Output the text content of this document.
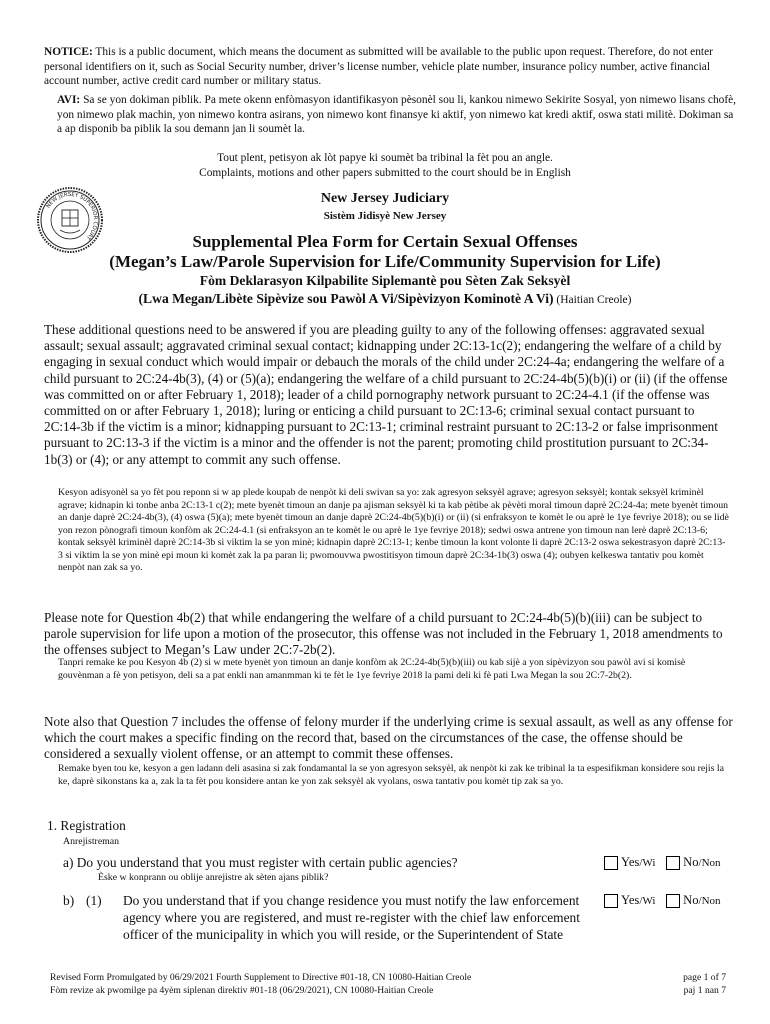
NOTICE: This is a public document, which means the document as submitted will be available to the public upon request. Therefore, do not enter personal identifiers on it, such as Social Security number, driver’s license number, vehicle plate number, insurance policy number, active financial account number, active credit card number or military status.
AVI: Sa se yon dokiman piblik. Pa mete okenn enfòmasyon idantifikasyon pèsonèl sou li, kankou nimewo Sekirite Sosyal, yon nimewo lisans chofè, yon nimewo plak machin, yon nimewo kontra asirans, yon nimewo kont finansye ki aktif, yon nimewo kat kredi aktif, oswa stati militè. Dokiman sa a ap disponib ba piblik la sou demann jan li soumèt la.
Tout plent, petisyon ak lòt papye ki soumèt ba tribinal la fèt pou an angle.
Complaints, motions and other papers submitted to the court should be in English
NEW JERSEY SUPERIOR COURT
New Jersey Judiciary
Sistèm Jidisyè New Jersey
Supplemental Plea Form for Certain Sexual Offenses
(Megan’s Law/Parole Supervision for Life/Community Supervision for Life)
Fòm Deklarasyon Kilpabilite Siplemantè pou Sèten Zak Seksyèl
(Lwa Megan/Libète Sipèvize sou Pawòl A Vi/Sipèvizyon Kominotè A Vi) (Haitian Creole)
These additional questions need to be answered if you are pleading guilty to any of the following offenses: aggravated sexual assault; sexual assault; aggravated criminal sexual contact; kidnapping under 2C:13-1c(2); endangering the welfare of a child by engaging in sexual conduct which would impair or debauch the morals of the child under 2C:24-4a; endangering the welfare of a child pursuant to 2C:24-4b(3), (4) or (5)(a); endangering the welfare of a child pursuant to 2C:24-4b(5)(b)(i) or (ii) (if the offense was committed on or after February 1, 2018); leader of a child pornography network pursuant to 2C:24-4.1 (if the offense was committed on or after February 1, 2018); luring or enticing a child pursuant to 2C:13-6; criminal sexual contact pursuant to 2C:14-3b if the victim is a minor; kidnapping pursuant to 2C:13-1; criminal restraint pursuant to 2C:13-2 or false imprisonment pursuant to 2C:13-3 if the victim is a minor and the offender is not the parent; promoting child prostitution pursuant to 2C:34-1b(3) or (4); or any attempt to commit any such offense.
Kesyon adisyonèl sa yo fèt pou reponn si w ap plede koupab de nenpòt ki deli swivan sa yo: zak agresyon seksyèl agrave; agresyon seksyèl; kontak seksyèl kriminèl agrave; kidnapin ki tonbe anba 2C:13-1 c(2); mete byenèt timoun an danje pa ajisman seksyèl ki ta kab pètibe ak pèvèti moral timoun daprè 2C:24-4a; mete byenèt timoun an danje daprè 2C:24-4b(3), (4) oswa (5)(a); mete byenèt timoun an danje daprè 2C:24-4b(5)(b)(i) or (ii) (si enfraksyon te komèt le ou aprè le 1ye fevriye 2018); ou se lidè yon rezon pònografi timoun konfòm ak 2C:24-4.1 (si enfraksyon an te komèt le ou aprè le 1ye fevriye 2018); sedwi oswa antrene yon timoun nan lerè daprè 2C:13-6; kontak seksyèl kriminèl daprè 2C:14-3b si viktim la se yon minè; kidnapin daprè 2C:13-1; kenbe timoun la kont volonte li daprè 2C:13-2 oswa sekestrasyon daprè 2C:13-3 si viktim la se yon minè epi moun ki komèt zak la pa paran li; pwomouvwa pwostitisyon timoun daprè 2C:34-1b(3) oswa (4); oubyen kelkeswa tantativ pou komèt nenpòt nan zak sa yo.
Please note for Question 4b(2) that while endangering the welfare of a child pursuant to 2C:24-4b(5)(b)(iii) can be subject to parole supervision for life upon a motion of the prosecutor, this offense was not included in the February 1, 2018 amendments to the offenses subject to Megan’s Law under 2C:7-2b(2).
Tanpri remake ke pou Kesyon 4b (2) si w mete byenèt yon timoun an danje konfòm ak 2C:24-4b(5)(b)(iii) ou kab sijè a yon sipèvizyon sou pawòl avi si komisè gouvènman a fè yon petisyon, deli sa a pat enkli nan amanmman ki te fèt le 1ye fevriye 2018 la pami deli ki fè pati Lwa Megan la sou 2C:7-2b(2).
Note also that Question 7 includes the offense of felony murder if the underlying crime is sexual assault, as well as any offense for which the court makes a specific finding on the record that, based on the circumstances of the case, the offense should be considered a sexually violent offense, or an attempt to commit these offenses.
Remake byen tou ke, kesyon a gen ladann deli asasina si zak fondamantal la se yon agresyon seksyèl, ak nenpòt ki zak ke tribinal la ta espesifikman konsidere sou rejis la ke, daprè sikonstans ka a, zak la ta fèt pou konsidere antan ke yon zak seksyèl ak vyolans, oswa tantativ pou komèt tip zak sa yo.
1. Registration
Anrejistreman
a) Do you understand that you must register with certain public agencies?
Èske w konprann ou oblije anrejistre ak sèten ajans piblik?
Yes /Wi
No /Non
b) (1) Do you understand that if you change residence you must notify the law enforcement agency where you are registered, and must re-register with the chief law enforcement officer of the municipality in which you will reside, or the Superintendent of State
Yes /Wi
No /Non
Revised Form Promulgated by 06/29/2021 Fourth Supplement to Directive #01-18, CN 10080-Haitian Creole
Fòm revize ak pwomilge pa 4yèm siplenan direktiv #01-18 (06/29/2021), CN 10080-Haitian Creole
page 1 of 7
paj 1 nan 7
